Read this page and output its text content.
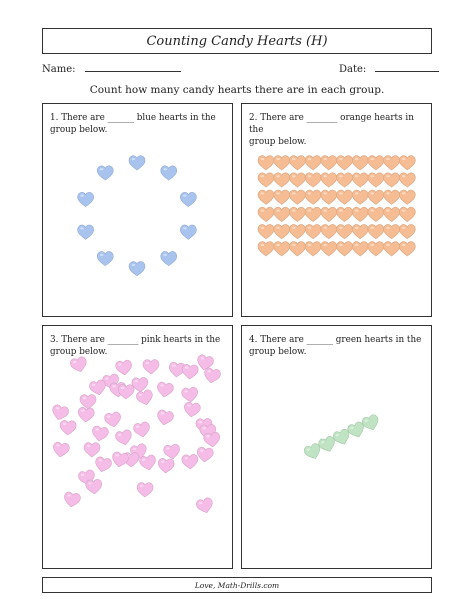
Counting Candy Hearts (H)
Name:	Date:
Count how many candy hearts there are in each group.
1. There are ______ blue hearts in the
group below.
2. There are _______ orange hearts in the
group below.
3. There are _______ pink hearts in the
group below.
4. There are ______ green hearts in the
group below.
Love, Math-Drills.com
